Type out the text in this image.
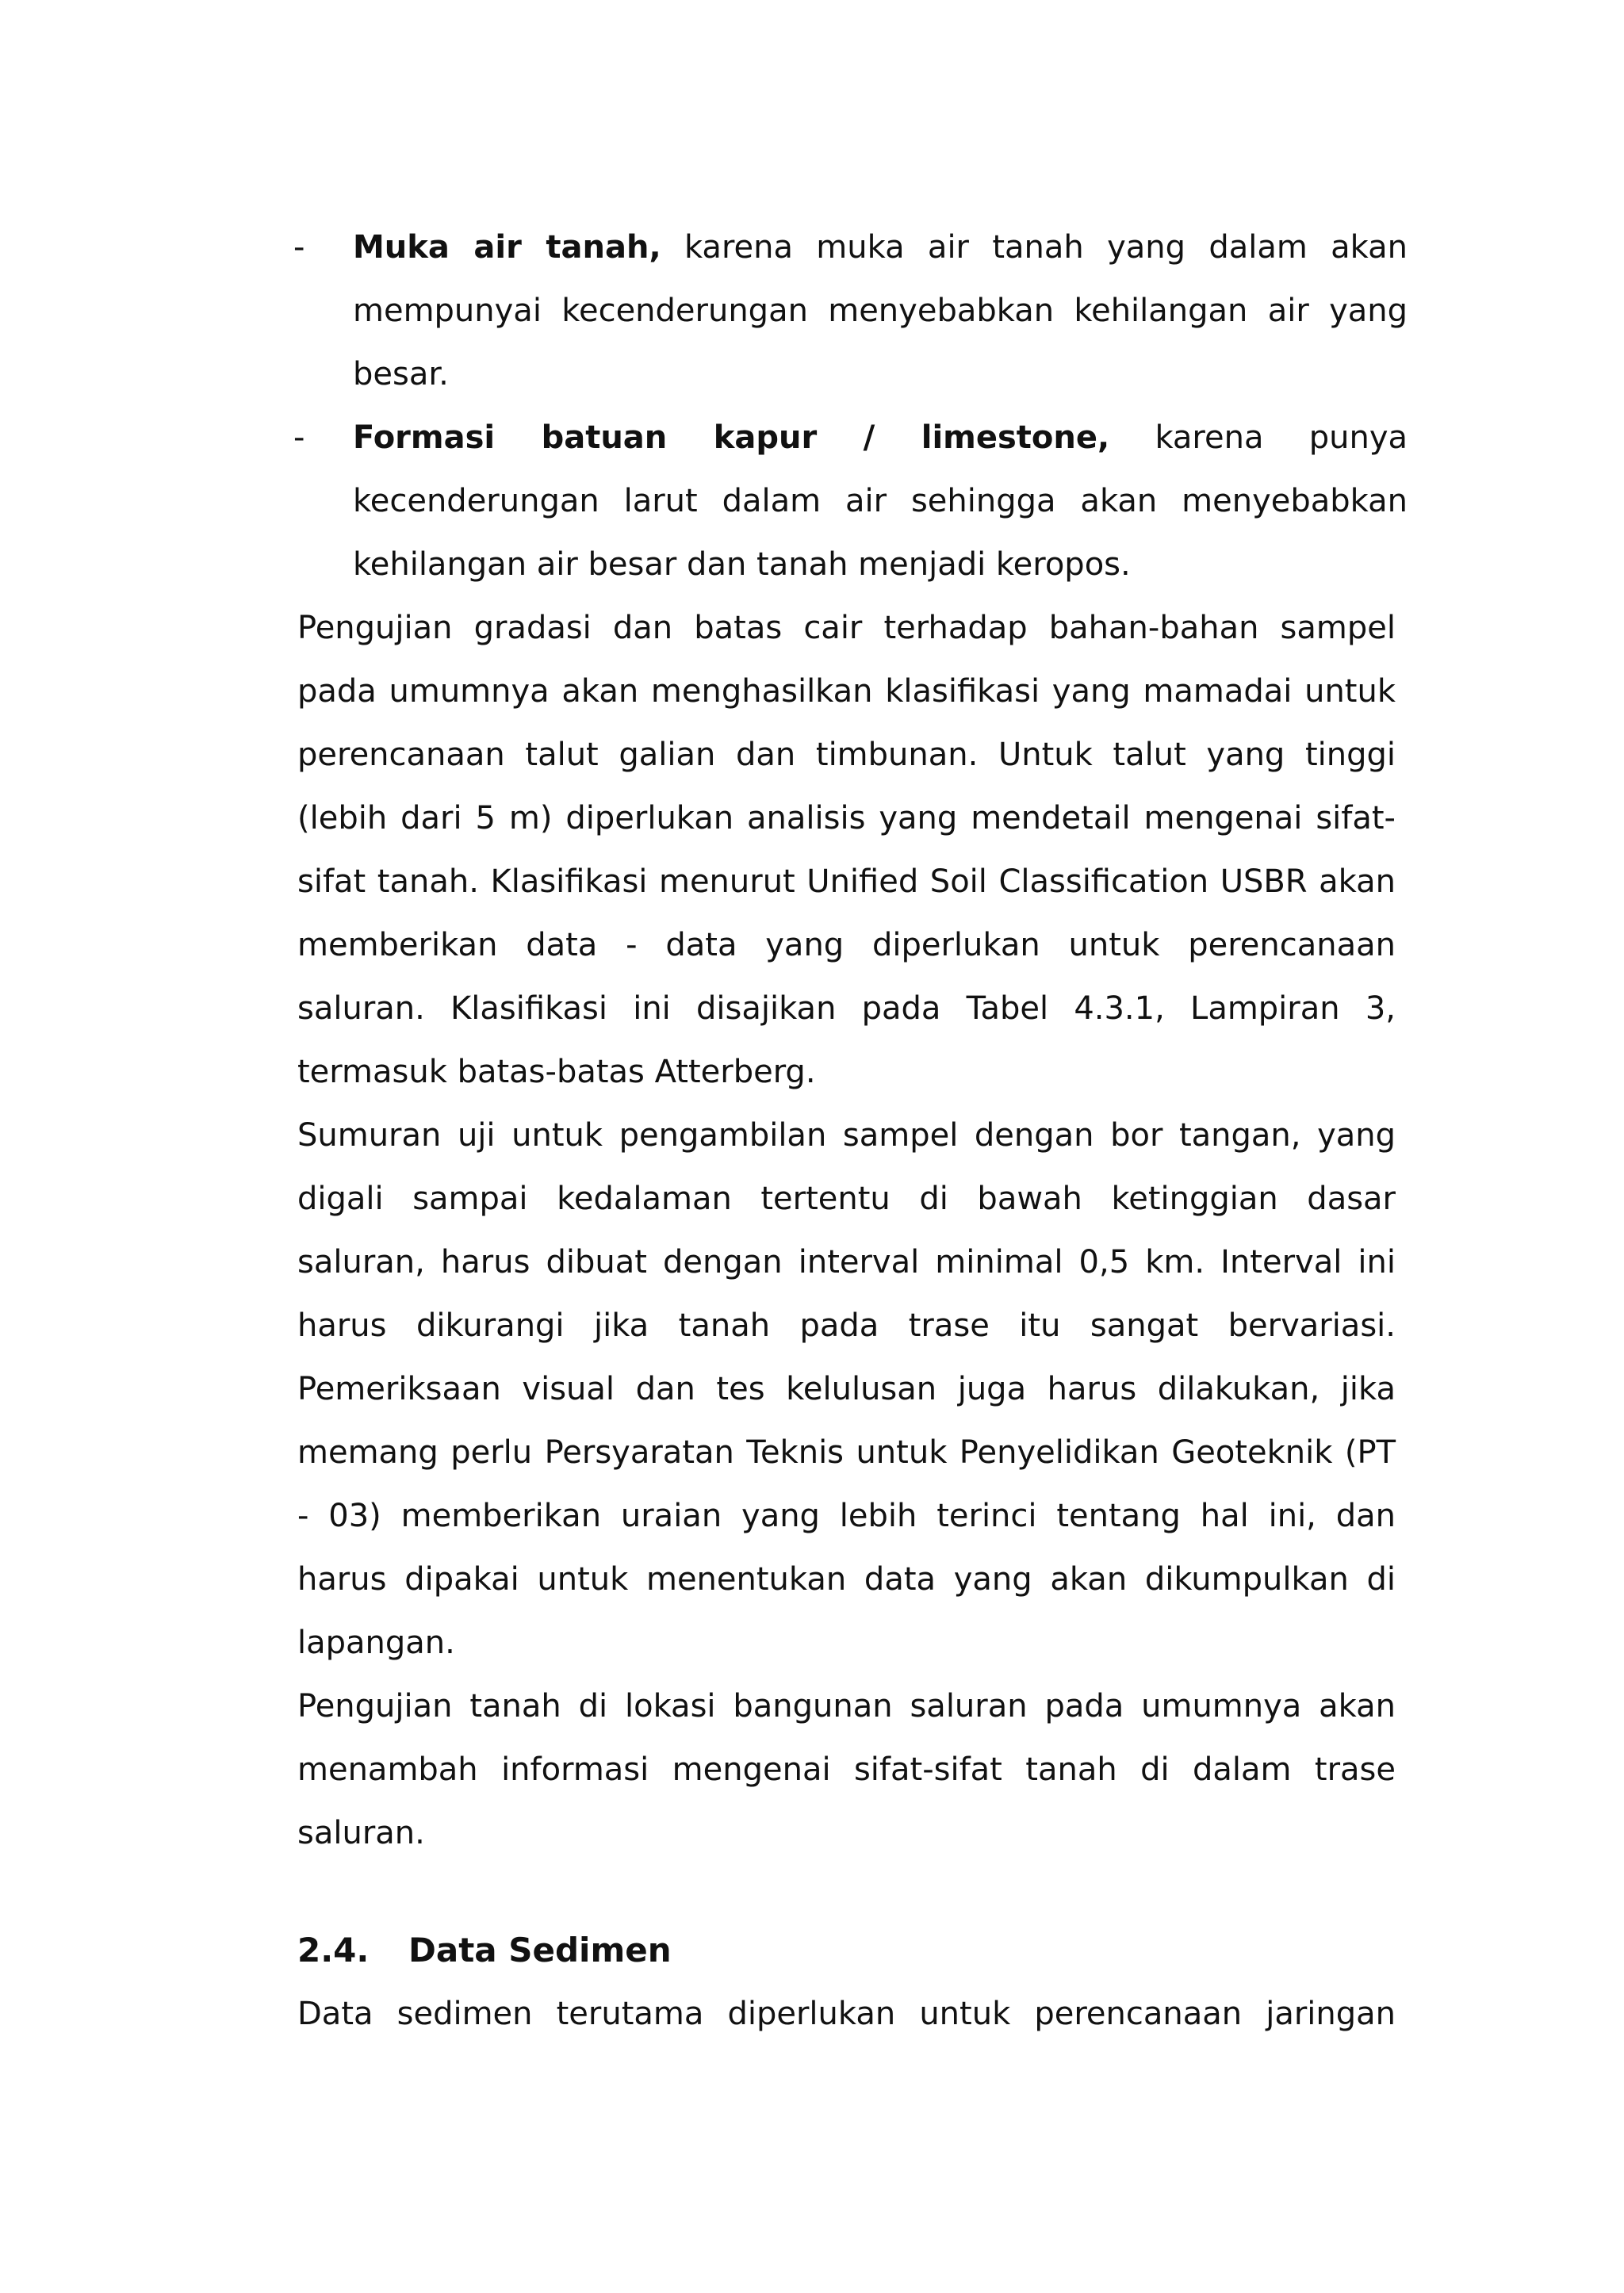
- Muka air tanah, karena muka air tanah yang dalam akan mempunyai kecenderungan menyebabkan kehilangan air yang besar.
- Formasi batuan kapur / limestone, karena punya kecenderungan larut dalam air sehingga akan menyebabkan kehilangan air besar dan tanah menjadi keropos.

Pengujian gradasi dan batas cair terhadap bahan-bahan sampel pada umumnya akan menghasilkan klasifikasi yang mamadai untuk perencanaan talut galian dan timbunan. Untuk talut yang tinggi (lebih dari 5 m) diperlukan analisis yang mendetail mengenai sifat-sifat tanah. Klasifikasi menurut Unified Soil Classification USBR akan memberikan data - data yang diperlukan untuk perencanaan saluran. Klasifikasi ini disajikan pada Tabel 4.3.1, Lampiran 3, termasuk batas-batas Atterberg.

Sumuran uji untuk pengambilan sampel dengan bor tangan, yang digali sampai kedalaman tertentu di bawah ketinggian dasar saluran, harus dibuat dengan interval minimal 0,5 km. Interval ini harus dikurangi jika tanah pada trase itu sangat bervariasi. Pemeriksaan visual dan tes kelulusan juga harus dilakukan, jika memang perlu Persyaratan Teknis untuk Penyelidikan Geoteknik (PT - 03) memberikan uraian yang lebih terinci tentang hal ini, dan harus dipakai untuk menentukan data yang akan dikumpulkan di lapangan.

Pengujian tanah di lokasi bangunan saluran pada umumnya akan menambah informasi mengenai sifat-sifat tanah di dalam trase saluran.

2.4. Data Sedimen

Data sedimen terutama diperlukan untuk perencanaan jaringan
